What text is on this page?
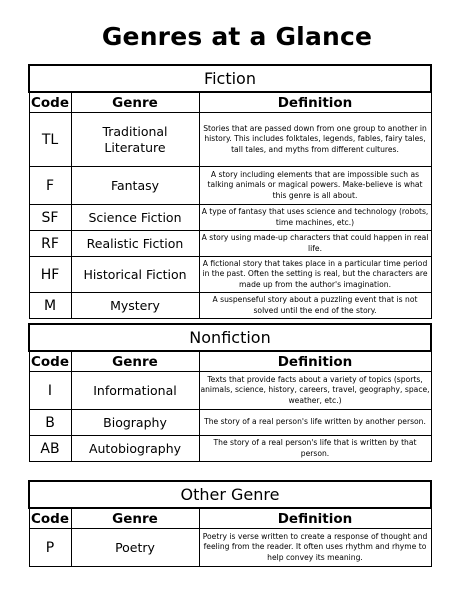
Genres at a Glance
Fiction		
Code	Genre	Definition
TL	Traditional Literature	Stories that are passed down from one group to another in history. This includes folktales, legends, fables, fairy tales, tall tales, and myths from different cultures.
F	Fantasy	A story including elements that are impossible such as talking animals or magical powers. Make-believe is what this genre is all about.
SF	Science Fiction	A type of fantasy that uses science and technology (robots, time machines, etc.)
RF	Realistic Fiction	A story using made-up characters that could happen in real life.
HF	Historical Fiction	A fictional story that takes place in a particular time period in the past. Often the setting is real, but the characters are made up from the author's imagination.
M	Mystery	A suspenseful story about a puzzling event that is not solved until the end of the story.
Nonfiction		
Code	Genre	Definition
I	Informational	Texts that provide facts about a variety of topics (sports, animals, science, history, careers, travel, geography, space, weather, etc.)
B	Biography	The story of a real person's life written by another person.
AB	Autobiography	The story of a real person's life that is written by that person.
Other Genre		
Code	Genre	Definition
P	Poetry	Poetry is verse written to create a response of thought and feeling from the reader. It often uses rhythm and rhyme to help convey its meaning.
